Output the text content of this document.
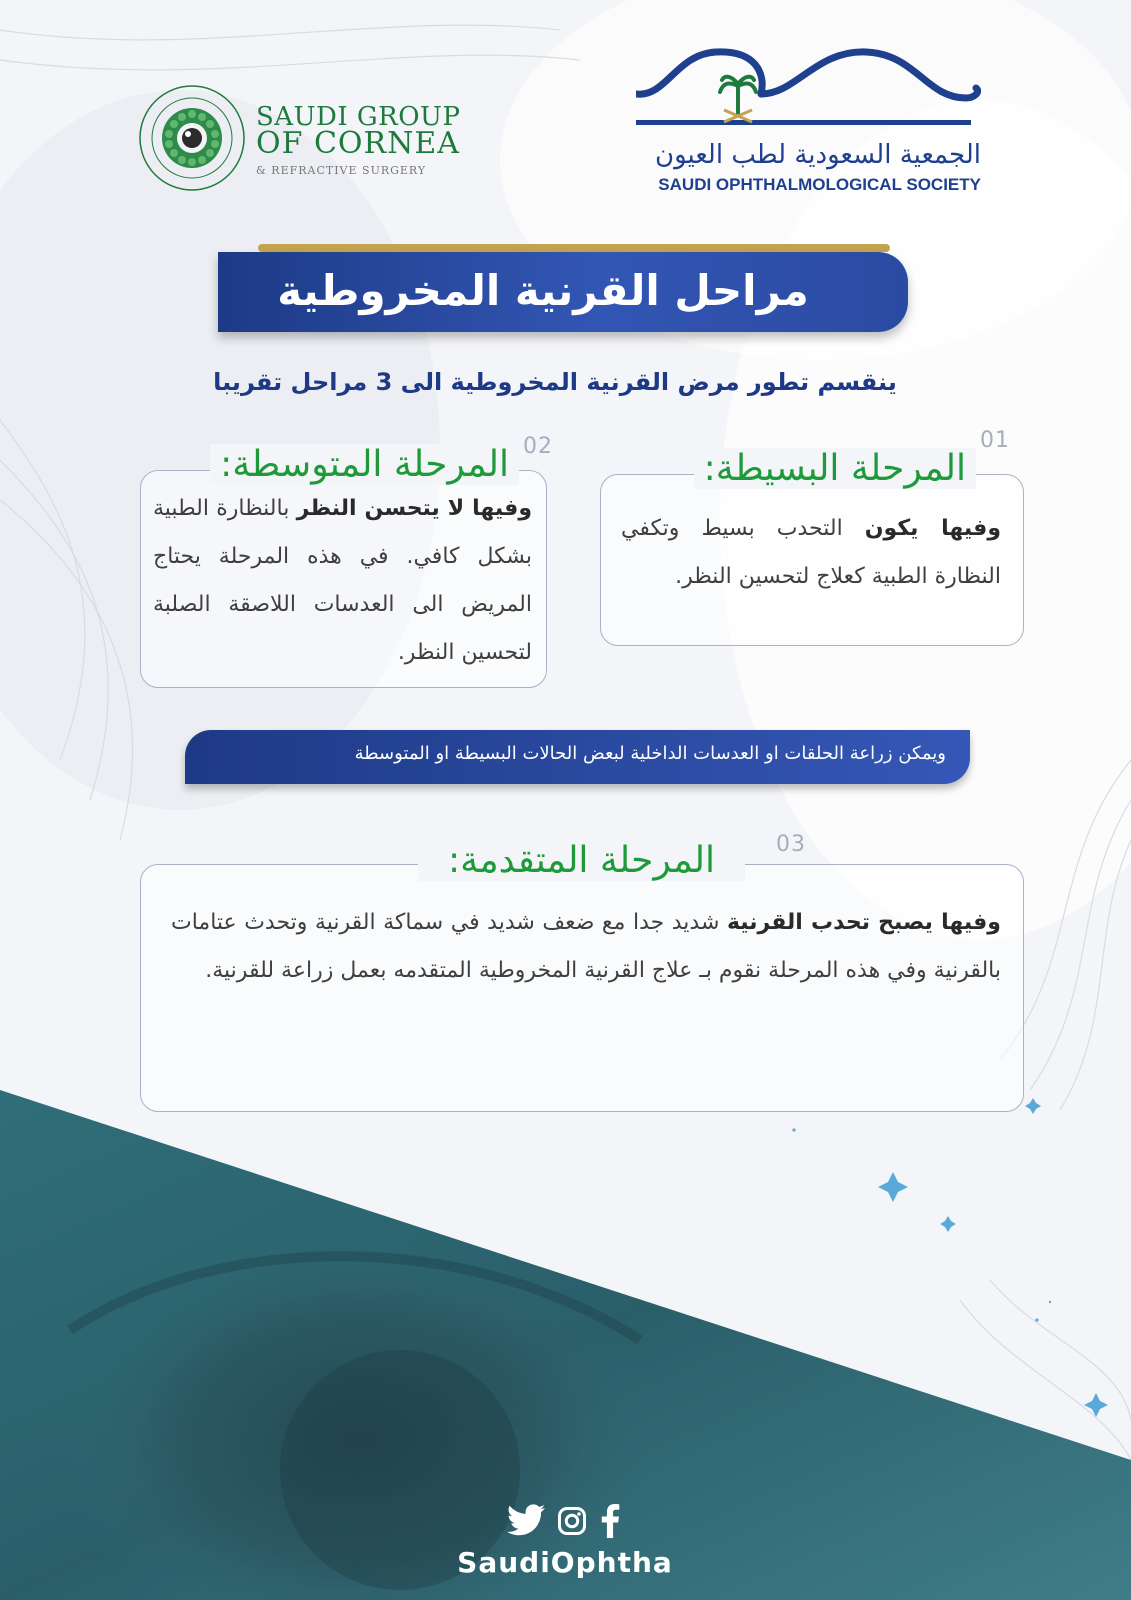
SAUDI GROUP
OF CORNEA
& REFRACTIVE SURGERY
الجمعية السعودية لطب العيون
SAUDI OPHTHALMOLOGICAL SOCIETY
مراحل القرنية المخروطية
ينقسم تطور مرض القرنية المخروطية الى 3 مراحل تقريبا
01
وفيها يكون التحدب بسيط وتكفي النظارة الطبية كعلاج لتحسين النظر.
المرحلة البسيطة:
02
وفيها لا يتحسن النظر بالنظارة الطبية بشكل كافي. في هذه المرحلة يحتاج المريض الى العدسات اللاصقة الصلبة لتحسين النظر.
المرحلة المتوسطة:
ويمكن زراعة الحلقات او العدسات الداخلية لبعض الحالات البسيطة او المتوسطة
03
وفيها يصبح تحدب القرنية شديد جدا مع ضعف شديد في سماكة القرنية وتحدث عتامات بالقرنية وفي هذه المرحلة نقوم بـ علاج القرنية المخروطية المتقدمه بعمل زراعة للقرنية.
المرحلة المتقدمة:
SaudiOphtha
